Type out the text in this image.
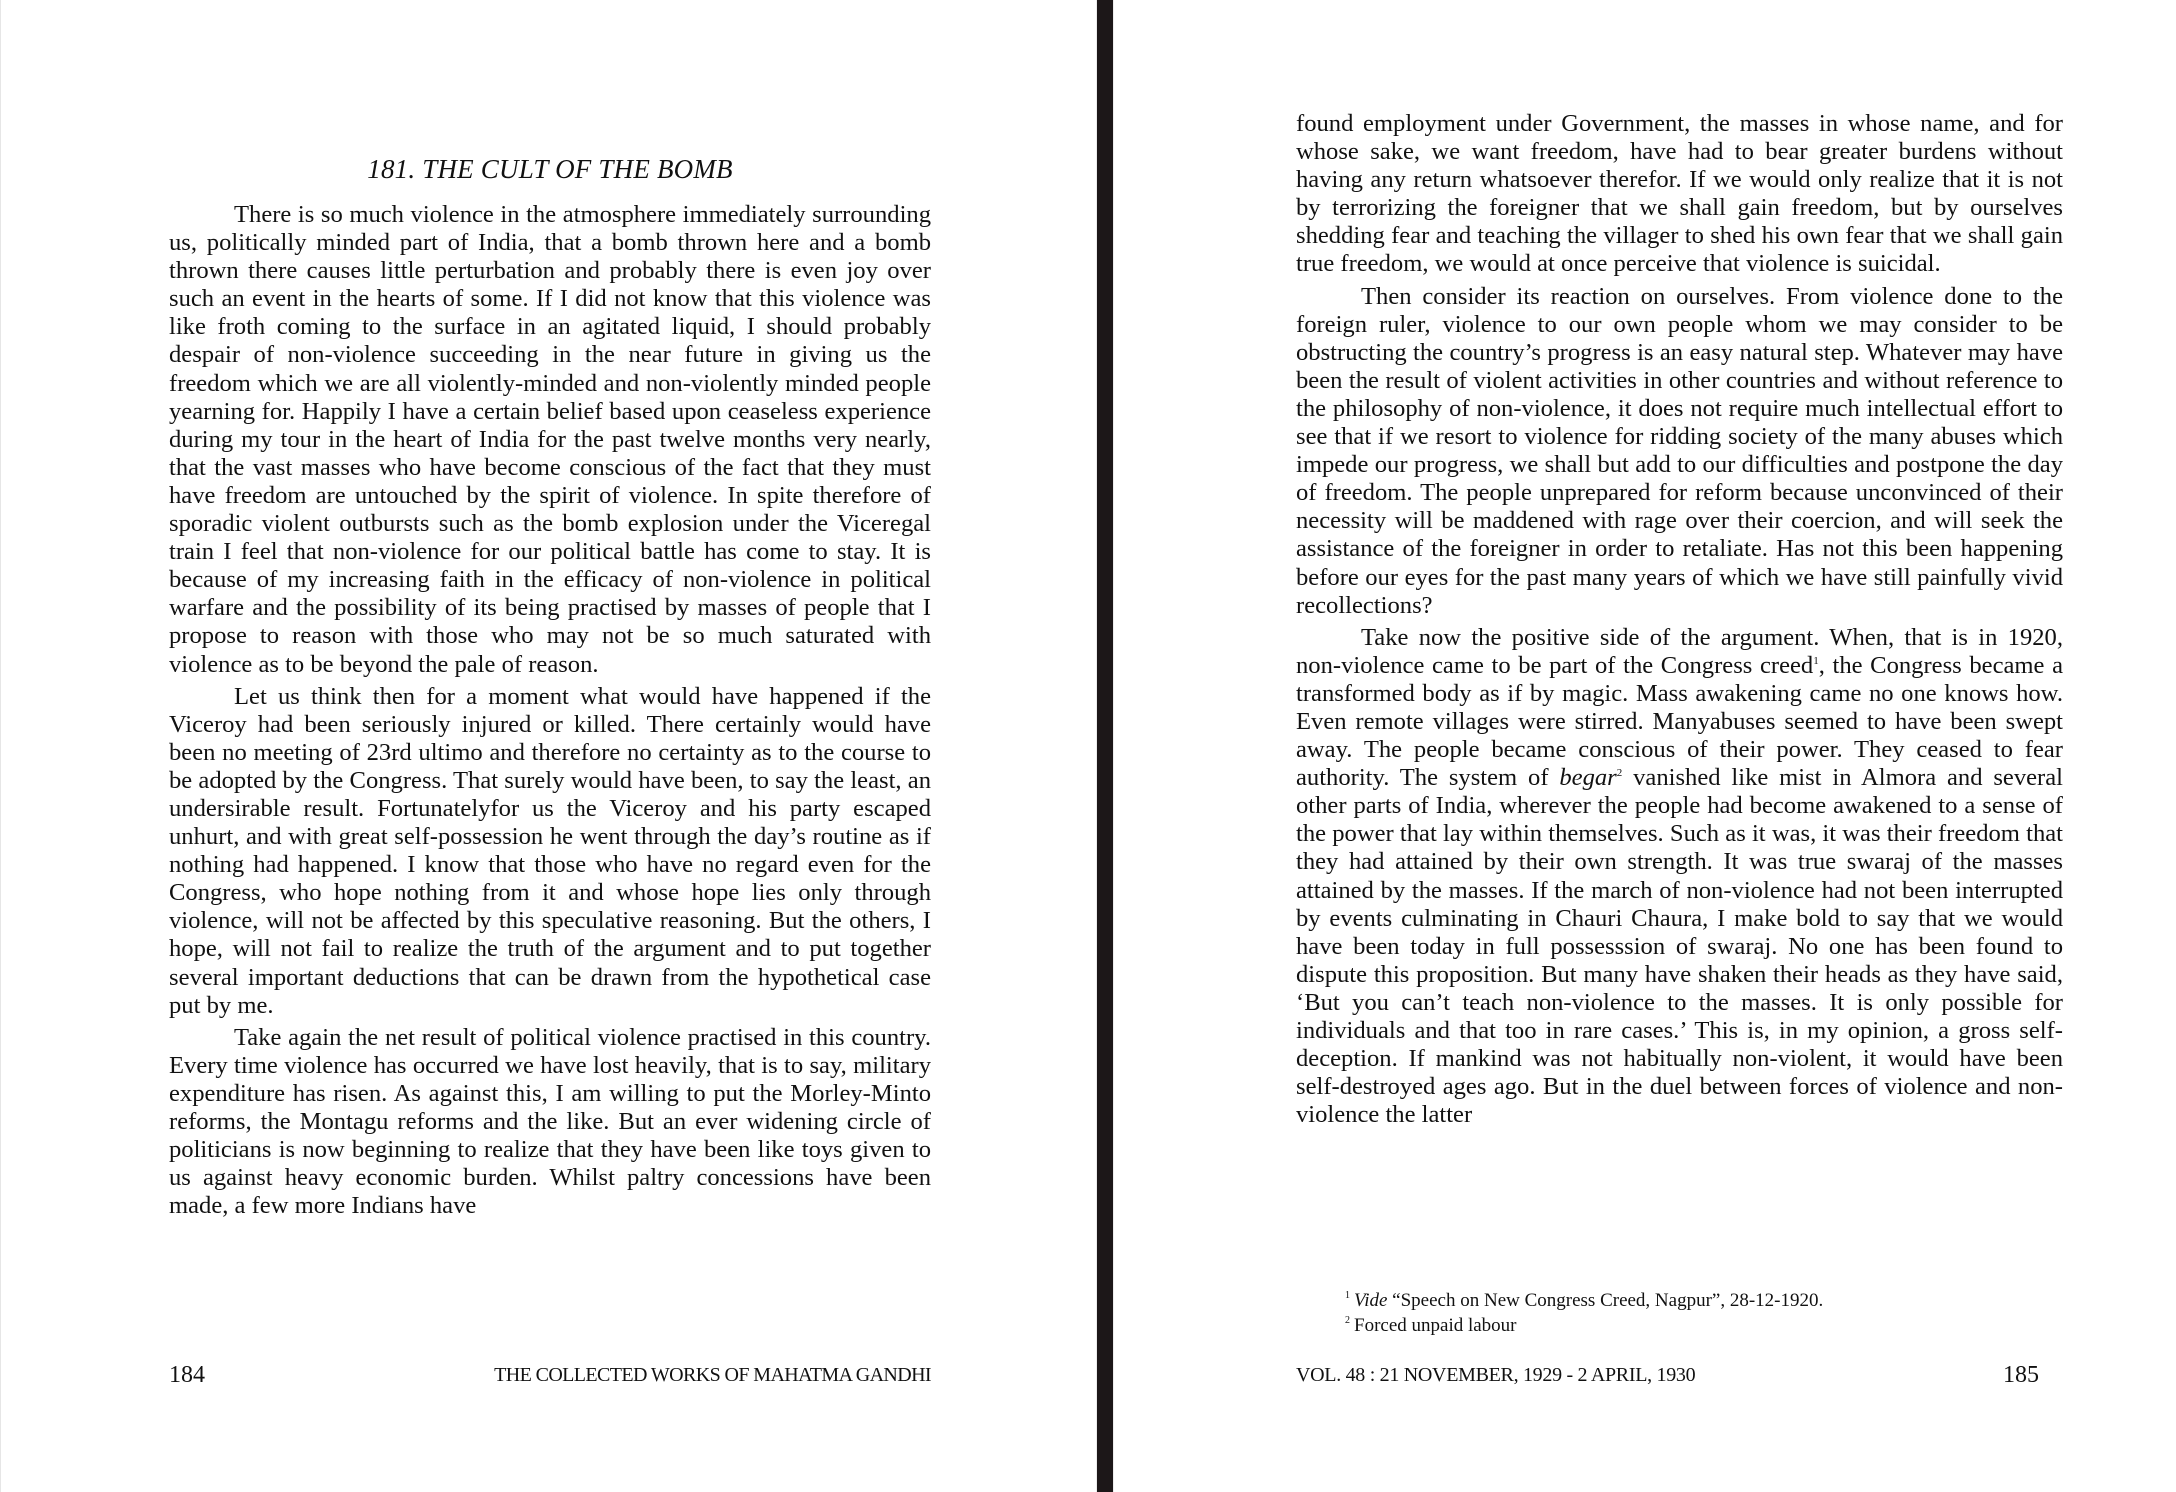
181. THE CULT OF THE BOMB

There is so much violence in the atmosphere immediately surrounding us, politically minded part of India, that a bomb thrown here and a bomb thrown there causes little perturbation and probably there is even joy over such an event in the hearts of some. If I did not know that this violence was like froth coming to the surface in an agitated liquid, I should probably despair of non-violence succeeding in the near future in giving us the freedom which we are all violently-minded and non-violently minded people yearning for. Happily I have a certain belief based upon ceaseless experience during my tour in the heart of India for the past twelve months very nearly, that the vast masses who have become conscious of the fact that they must have freedom are untouched by the spirit of violence. In spite therefore of sporadic violent outbursts such as the bomb explosion under the Viceregal train I feel that non-violence for our political battle has come to stay. It is because of my increasing faith in the efficacy of non-violence in political warfare and the possibility of its being practised by masses of people that I propose to reason with those who may not be so much saturated with violence as to be beyond the pale of reason.

Let us think then for a moment what would have happened if the Viceroy had been seriously injured or killed. There certainly would have been no meeting of 23rd ultimo and therefore no certainty as to the course to be adopted by the Congress. That surely would have been, to say the least, an undersirable result. Fortunatelyfor us the Viceroy and his party escaped unhurt, and with great self-possession he went through the day’s routine as if nothing had happened. I know that those who have no regard even for the Congress, who hope nothing from it and whose hope lies only through violence, will not be affected by this speculative reasoning. But the others, I hope, will not fail to realize the truth of the argument and to put together several important deductions that can be drawn from the hypothetical case put by me.

Take again the net result of political violence practised in this country. Every time violence has occurred we have lost heavily, that is to say, military expenditure has risen. As against this, I am willing to put the Morley-Minto reforms, the Montagu reforms and the like. But an ever widening circle of politicians is now beginning to realize that they have been like toys given to us against heavy economic burden. Whilst paltry concessions have been made, a few more Indians have

184	THE COLLECTED WORKS OF MAHATMA GANDHI

found employment under Government, the masses in whose name, and for whose sake, we want freedom, have had to bear greater burdens without having any return whatsoever therefor. If we would only realize that it is not by terrorizing the foreigner that we shall gain freedom, but by ourselves shedding fear and teaching the villager to shed his own fear that we shall gain true freedom, we would at once perceive that violence is suicidal.

Then consider its reaction on ourselves. From violence done to the foreign ruler, violence to our own people whom we may consider to be obstructing the country’s progress is an easy natural step. Whatever may have been the result of violent activities in other countries and without reference to the philosophy of non-violence, it does not require much intellectual effort to see that if we resort to violence for ridding society of the many abuses which impede our progress, we shall but add to our difficulties and postpone the day of freedom. The people unprepared for reform because unconvinced of their necessity will be maddened with rage over their coercion, and will seek the assistance of the foreigner in order to retaliate. Has not this been happening before our eyes for the past many years of which we have still painfully vivid recollections?

Take now the positive side of the argument. When, that is in 1920, non-violence came to be part of the Congress creed$^1$, the Congress became a transformed body as if by magic. Mass awakening came no one knows how. Even remote villages were stirred. Manyabuses seemed to have been swept away. The people became conscious of their power. They ceased to fear authority. The system of begar$^2$ vanished like mist in Almora and several other parts of India, wherever the people had become awakened to a sense of the power that lay within themselves. Such as it was, it was their freedom that they had attained by their own strength. It was true swaraj of the masses attained by the masses. If the march of non-violence had not been interrupted by events culminating in Chauri Chaura, I make bold to say that we would have been today in full possesssion of swaraj. No one has been found to dispute this proposition. But many have shaken their heads as they have said, ‘But you can’t teach non-violence to the masses. It is only possible for individuals and that too in rare cases.’ This is, in my opinion, a gross self-deception. If mankind was not habitually non-violent, it would have been self-destroyed ages ago. But in the duel between forces of violence and non-violence the latter

$^1$ Vide “Speech on New Congress Creed, Nagpur”, 28-12-1920.
$^2$ Forced unpaid labour
VOL. 48 : 21 NOVEMBER, 1929 - 2 APRIL, 1930	185
